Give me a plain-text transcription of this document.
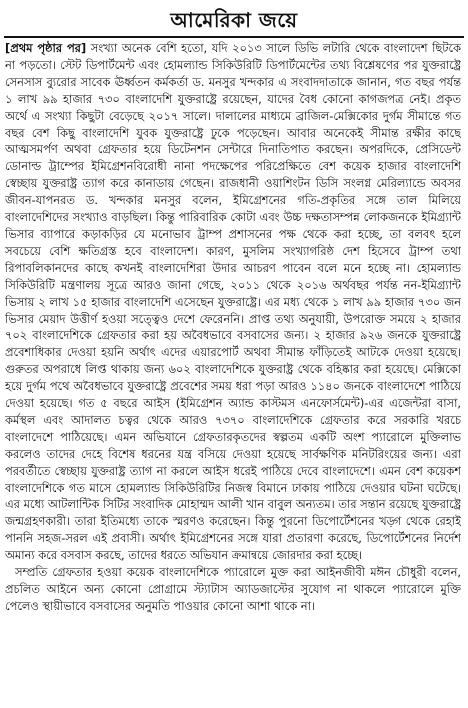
আমেরিকা জয়ে

[প্রথম পৃষ্ঠার পর] সংখ্যা অনেক বেশি হতো, যদি ২০১৩ সালে ডিভি লটারি থেকে বাংলাদেশ ছিটকে না পড়তো। স্টেট ডিপার্টমেন্ট এবং হোমল্যান্ড সিকিউরিটি ডিপার্টমেন্টের তথ্য বিশ্লেষণের পর যুক্তরাষ্ট্রে সেনসাস ব্যুরোর সাবেক ঊর্ধ্বতন কর্মকর্তা ড. মনসুর খন্দকার এ সংবাদদাতাকে জানান, গত বছর পর্যন্ত ১ লাখ ৯৯ হাজার ৭৩০ বাংলাদেশি যুক্তরাষ্ট্রে রয়েছেন, যাদের বৈধ কোনো কাগজপত্র নেই। প্রকৃত অর্থে এ সংখ্যা কিছুটা বেড়েছে ২০১৭ সালে। দালালের মাধ্যমে ব্রাজিল-মেক্সিকোর দুর্গম সীমান্তে গত বছর বেশ কিছু বাংলাদেশি যুবক যুক্তরাষ্ট্রে ঢুকে পড়েছেন। আবার অনেকেই সীমান্ত রক্ষীর কাছে আত্মসমর্পণ অথবা গ্রেফতার হয়ে ডিটেনশন সেন্টারে দিনাতিপাত করছেন। অপরদিকে, প্রেসিডেন্ট ডোনাল্ড ট্রাম্পের ইমিগ্রেশনবিরোধী নানা পদক্ষেপের পরিপ্রেক্ষিতে বেশ কয়েক হাজার বাংলাদেশি স্বেচ্ছায় যুক্তরাষ্ট্র ত্যাগ করে কানাডায় গেছেন। রাজধানী ওয়াশিংটন ডিসি সংলগ্ন মেরিল্যান্ডে অবসর জীবন-যাপনরত ড. খন্দকার মনসুর বলেন, ইমিগ্রেশনের গতি-প্রকৃতির সঙ্গে তাল মিলিয়ে বাংলাদেশিদের সংখ্যাও বাড়ছিল। কিন্তু পারিবারিক কোটা এবং উচ্চ দক্ষতাসম্পন্ন লোকজনকে ইমিগ্র্যান্ট ভিসার ব্যাপারে কড়াকড়ির যে মনোভাব ট্রাম্প প্রশাসনের পক্ষ থেকে করা হচ্ছে, তা বলবৎ হলে সবচেয়ে বেশি ক্ষতিগ্রস্ত হবে বাংলাদেশ। কারণ, মুসলিম সংখ্যাগরিষ্ঠ দেশ হিসেবে ট্রাম্প তথা রিপাবলিকানদের কাছে কখনই বাংলাদেশিরা উদার আচরণ পাবেন বলে মনে হচ্ছে না। হোমল্যান্ড সিকিউরিটি মন্ত্রণালয় সূত্রে আরও জানা গেছে, ২০১১ থেকে ২০১৬ অর্থবছর পর্যন্ত নন-ইমিগ্র্যান্ট ভিসায় ২ লাখ ১৫ হাজার বাংলাদেশি এসেছেন যুক্তরাষ্ট্রে। এর মধ্য থেকে ১ লাখ ৯৯ হাজার ৭৩০ জন ভিসার মেয়াদ উত্তীর্ণ হওয়া সত্ত্বেও দেশে ফেরেননি। প্রাপ্ত তথ্য অনুযায়ী, উপরোক্ত সময়ে ২ হাজার ৭০২ বাংলাদেশিকে গ্রেফতার করা হয় অবৈধভাবে বসবাসের জন্য। ২ হাজার ৯২৬ জনকে যুক্তরাষ্ট্রে প্রবেশাধিকার দেওয়া হয়নি অর্থাৎ এদের এয়ারপোর্ট অথবা সীমান্ত ফাঁড়িতেই আটকে দেওয়া হয়েছে। গুরুতর অপরাধে লিপ্ত থাকায় জন্য ৬০২ বাংলাদেশিকে যুক্তরাষ্ট্র থেকে বহিষ্কার করা হয়েছে। মেক্সিকো হয়ে দুর্গম পথে অবৈধভাবে যুক্তরাষ্ট্রে প্রবেশের সময় ধরা পড়া আরও ১১৪০ জনকে বাংলাদেশে পাঠিয়ে দেওয়া হয়েছে। গত ৫ বছরে আইস (ইমিগ্রেশন অ্যান্ড কাস্টমস এনফোর্সমেন্ট)-এর এজেন্টরা বাসা, কর্মস্থল এবং আদালত চত্বর থেকে আরও ৭৩৭০ বাংলাদেশিকে গ্রেফতার করে সরকারি খরচে বাংলাদেশে পাঠিয়েছে। এমন অভিযানে গ্রেফতারকৃতদের স্বল্পতম একটি অংশ প্যারোলে মুক্তিলাভ করলেও তাদের দেহে বিশেষ ধরনের যন্ত্র বসিয়ে দেওয়া হয়েছে সার্বক্ষণিক মনিটরিংয়ের জন্য। এরা পরবর্তীতে স্বেচ্ছায় যুক্তরাষ্ট্র ত্যাগ না করলে আইস ধরেই পাঠিয়ে দেবে বাংলাদেশে। এমন বেশ কয়েকশ বাংলাদেশিকে গত মাসে হোমল্যান্ড সিকিউরিটির নিজস্ব বিমানে ঢাকায় পাঠিয়ে দেওয়ার ঘটনা ঘটেছে। এর মধ্যে আটলান্টিক সিটির সংবাদিক মোহাম্মদ আলী খান বাবুল অন্যতম। তার সন্তান রয়েছে যুক্তরাষ্ট্রে জন্মগ্রহণকারী। তারা ইতিমধ্যে তাকে স্মরণও করেছেন। কিন্তু পুরনো ডিপোর্টেশনের খড়্গ থেকে রেহাই পাননি সহজ-সরল এই প্রবাসী। অর্থাৎ ইমিগ্রেশনের সঙ্গে যারা প্রতারণা করেছে, ডিপোর্টেশনের নির্দেশ অমান্য করে বসবাস করছে, তাদের ধরতে অভিযান ক্রমান্বয়ে জোরদার করা হচ্ছে।

সম্প্রতি গ্রেফতার হওয়া কয়েক বাংলাদেশিকে প্যারোলে মুক্ত করা আইনজীবী মঈন চৌধুরী বলেন, প্রচলিত আইনে অন্য কোনো প্রোগ্রামে স্ট্যাটাস অ্যাডজাস্টের সুযোগ না থাকলে প্যারোলে মুক্তি পেলেও স্থায়ীভাবে বসবাসের অনুমতি পাওয়ার কোনো আশা থাকে না।
